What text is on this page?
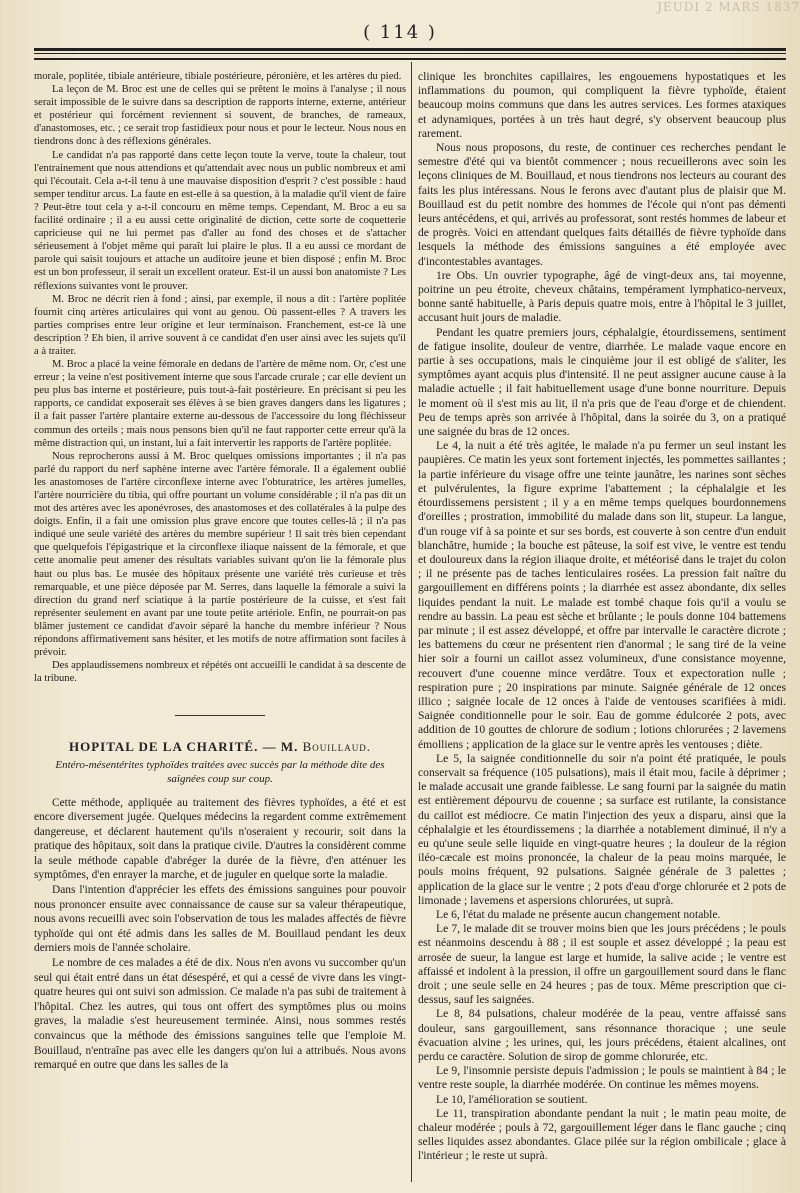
JEUDI 2 MARS 1837
( 114 )

morale, poplitée, tibiale antérieure, tibiale postérieure, péronière, et les artères du pied.

La leçon de M. Broc est une de celles qui se prêtent le moins à l'analyse ; il nous serait impossible de le suivre dans sa description de rapports interne, externe, antérieur et postérieur qui forcément reviennent si souvent, de branches, de rameaux, d'anastomoses, etc. ; ce serait trop fastidieux pour nous et pour le lecteur. Nous nous en tiendrons donc à des réflexions générales.

Le candidat n'a pas rapporté dans cette leçon toute la verve, toute la chaleur, tout l'entrainement que nous attendions et qu'attendait avec nous un public nombreux et ami qui l'écoutait. Cela a-t-il tenu à une mauvaise disposition d'esprit ? c'est possible : haud semper tenditur arcus. La faute en est-elle à sa question, à la maladie qu'il vient de faire ? Peut-être tout cela y a-t-il concouru en même temps. Cependant, M. Broc a eu sa facilité ordinaire ; il a eu aussi cette originalité de diction, cette sorte de coquetterie capricieuse qui ne lui permet pas d'aller au fond des choses et de s'attacher sérieusement à l'objet même qui paraît lui plaire le plus. Il a eu aussi ce mordant de parole qui saisit toujours et attache un auditoire jeune et bien disposé ; enfin M. Broc est un bon professeur, il serait un excellent orateur. Est-il un aussi bon anatomiste ? Les réflexions suivantes vont le prouver.

M. Broc ne décrit rien à fond ; ainsi, par exemple, il nous a dit : l'artère poplitée fournit cinq artères articulaires qui vont au genou. Où passent-elles ? A travers les parties comprises entre leur origine et leur terminaison. Franchement, est-ce là une description ? Eh bien, il arrive souvent à ce candidat d'en user ainsi avec les sujets qu'il a à traiter.

M. Broc a placé la veine fémorale en dedans de l'artère de même nom. Or, c'est une erreur ; la veine n'est positivement interne que sous l'arcade crurale ; car elle devient un peu plus bas interne et postérieure, puis tout-à-fait postérieure. En précisant si peu les rapports, ce candidat exposerait ses élèves à se bien graves dangers dans les ligatures ; il a fait passer l'artère plantaire externe au-dessous de l'accessoire du long fléchisseur commun des orteils ; mais nous pensons bien qu'il ne faut rapporter cette erreur qu'à la même distraction qui, un instant, lui a fait intervertir les rapports de l'artère poplitée.

Nous reprocherons aussi à M. Broc quelques omissions importantes ; il n'a pas parlé du rapport du nerf saphène interne avec l'artère fémorale. Il a également oublié les anastomoses de l'artère circonflexe interne avec l'obturatrice, les artères jumelles, l'artère nourricière du tibia, qui offre pourtant un volume considérable ; il n'a pas dit un mot des artères avec les aponévroses, des anastomoses et des collatérales à la pulpe des doigts. Enfin, il a fait une omission plus grave encore que toutes celles-là ; il n'a pas indiqué une seule variété des artères du membre supérieur ! Il sait très bien cependant que quelquefois l'épigastrique et la circonflexe iliaque naissent de la fémorale, et que cette anomalie peut amener des résultats variables suivant qu'on lie la fémorale plus haut ou plus bas. Le musée des hôpitaux présente une variété très curieuse et très remarquable, et une pièce déposée par M. Serres, dans laquelle la fémorale a suivi la direction du grand nerf sciatique à la partie postérieure de la cuisse, et s'est fait représenter seulement en avant par une toute petite artériole. Enfin, ne pourrait-on pas blâmer justement ce candidat d'avoir séparé la hanche du membre inférieur ? Nous répondons affirmativement sans hésiter, et les motifs de notre affirmation sont faciles à prévoir.

Des applaudissemens nombreux et répétés ont accueilli le candidat à sa descente de la tribune.

HOPITAL DE LA CHARITÉ. — M. Bouillaud.
Entéro-mésentérites typhoïdes traitées avec succès par la méthode dite des saignées coup sur coup.

Cette méthode, appliquée au traitement des fièvres typhoïdes, a été et est encore diversement jugée. Quelques médecins la regardent comme extrêmement dangereuse, et déclarent hautement qu'ils n'oseraient y recourir, soit dans la pratique des hôpitaux, soit dans la pratique civile. D'autres la considèrent comme la seule méthode capable d'abréger la durée de la fièvre, d'en atténuer les symptômes, d'en enrayer la marche, et de juguler en quelque sorte la maladie.

Dans l'intention d'apprécier les effets des émissions sanguines pour pouvoir nous prononcer ensuite avec connaissance de cause sur sa valeur thérapeutique, nous avons recueilli avec soin l'observation de tous les malades affectés de fièvre typhoïde qui ont été admis dans les salles de M. Bouillaud pendant les deux derniers mois de l'année scholaire.

Le nombre de ces malades a été de dix. Nous n'en avons vu succomber qu'un seul qui était entré dans un état désespéré, et qui a cessé de vivre dans les vingt-quatre heures qui ont suivi son admission. Ce malade n'a pas subi de traitement à l'hôpital. Chez les autres, qui tous ont offert des symptômes plus ou moins graves, la maladie s'est heureusement terminée. Ainsi, nous sommes restés convaincus que la méthode des émissions sanguines telle que l'emploie M. Bouillaud, n'entraîne pas avec elle les dangers qu'on lui a attribués. Nous avons remarqué en outre que dans les salles de la

clinique les bronchites capillaires, les engouemens hypostatiques et les inflammations du poumon, qui compliquent la fièvre typhoïde, étaient beaucoup moins communs que dans les autres services. Les formes ataxiques et adynamiques, portées à un très haut degré, s'y observent beaucoup plus rarement.

Nous nous proposons, du reste, de continuer ces recherches pendant le semestre d'été qui va bientôt commencer ; nous recueillerons avec soin les leçons cliniques de M. Bouillaud, et nous tiendrons nos lecteurs au courant des faits les plus intéressans. Nous le ferons avec d'autant plus de plaisir que M. Bouillaud est du petit nombre des hommes de l'école qui n'ont pas démenti leurs antécédens, et qui, arrivés au professorat, sont restés hommes de labeur et de progrès. Voici en attendant quelques faits détaillés de fièvre typhoïde dans lesquels la méthode des émissions sanguines a été employée avec d'incontestables avantages.

1re Obs. Un ouvrier typographe, âgé de vingt-deux ans, tai moyenne, poitrine un peu étroite, cheveux châtains, tempérament lymphatico-nerveux, bonne santé habituelle, à Paris depuis quatre mois, entre à l'hôpital le 3 juillet, accusant huit jours de maladie.

Pendant les quatre premiers jours, céphalalgie, étourdissemens, sentiment de fatigue insolite, douleur de ventre, diarrhée. Le malade vaque encore en partie à ses occupations, mais le cinquième jour il est obligé de s'aliter, les symptômes ayant acquis plus d'intensité. Il ne peut assigner aucune cause à la maladie actuelle ; il fait habituellement usage d'une bonne nourriture. Depuis le moment où il s'est mis au lit, il n'a pris que de l'eau d'orge et de chiendent. Peu de temps après son arrivée à l'hôpital, dans la soirée du 3, on a pratiqué une saignée du bras de 12 onces.

Le 4, la nuit a été très agitée, le malade n'a pu fermer un seul instant les paupières. Ce matin les yeux sont fortement injectés, les pommettes saillantes ; la partie inférieure du visage offre une teinte jaunâtre, les narines sont sèches et pulvérulentes, la figure exprime l'abattement ; la céphalalgie et les étourdissemens persistent ; il y a en même temps quelques bourdonnemens d'oreilles ; prostration, immobilité du malade dans son lit, stupeur. La langue, d'un rouge vif à sa pointe et sur ses bords, est couverte à son centre d'un enduit blanchâtre, humide ; la bouche est pâteuse, la soif est vive, le ventre est tendu et douloureux dans la région iliaque droite, et météorisé dans le trajet du colon ; il ne présente pas de taches lenticulaires rosées. La pression fait naître du gargouillement en différens points ; la diarrhée est assez abondante, dix selles liquides pendant la nuit. Le malade est tombé chaque fois qu'il a voulu se rendre au bassin. La peau est sèche et brûlante ; le pouls donne 104 battemens par minute ; il est assez développé, et offre par intervalle le caractère dicrote ; les battemens du cœur ne présentent rien d'anormal ; le sang tiré de la veine hier soir a fourni un caillot assez volumineux, d'une consistance moyenne, recouvert d'une couenne mince verdâtre. Toux et expectoration nulle ; respiration pure ; 20 inspirations par minute. Saignée générale de 12 onces illico ; saignée locale de 12 onces à l'aide de ventouses scarifiées à midi. Saignée conditionnelle pour le soir. Eau de gomme édulcorée 2 pots, avec addition de 10 gouttes de chlorure de sodium ; lotions chlorurées ; 2 lavemens émolliens ; application de la glace sur le ventre après les ventouses ; diète.

Le 5, la saignée conditionnelle du soir n'a point été pratiquée, le pouls conservait sa fréquence (105 pulsations), mais il était mou, facile à déprimer ; le malade accusait une grande faiblesse. Le sang fourni par la saignée du matin est entièrement dépourvu de couenne ; sa surface est rutilante, la consistance du caillot est médiocre. Ce matin l'injection des yeux a disparu, ainsi que la céphalalgie et les étourdissemens ; la diarrhée a notablement diminué, il n'y a eu qu'une seule selle liquide en vingt-quatre heures ; la douleur de la région iléo-cæcale est moins prononcée, la chaleur de la peau moins marquée, le pouls moins fréquent, 92 pulsations. Saignée générale de 3 palettes ; application de la glace sur le ventre ; 2 pots d'eau d'orge chlorurée et 2 pots de limonade ; lavemens et aspersions chlorurées, ut suprà.

Le 6, l'état du malade ne présente aucun changement notable.

Le 7, le malade dit se trouver moins bien que les jours précédens ; le pouls est néanmoins descendu à 88 ; il est souple et assez développé ; la peau est arrosée de sueur, la langue est large et humide, la salive acide ; le ventre est affaissé et indolent à la pression, il offre un gargouillement sourd dans le flanc droit ; une seule selle en 24 heures ; pas de toux. Même prescription que ci-dessus, sauf les saignées.

Le 8, 84 pulsations, chaleur modérée de la peau, ventre affaissé sans douleur, sans gargouillement, sans résonnance thoracique ; une seule évacuation alvine ; les urines, qui, les jours précédens, étaient alcalines, ont perdu ce caractère. Solution de sirop de gomme chlorurée, etc.

Le 9, l'insomnie persiste depuis l'admission ; le pouls se maintient à 84 ; le ventre reste souple, la diarrhée modérée. On continue les mêmes moyens.

Le 10, l'amélioration se soutient.

Le 11, transpiration abondante pendant la nuit ; le matin peau moite, de chaleur modérée ; pouls à 72, gargouillement léger dans le flanc gauche ; cinq selles liquides assez abondantes. Glace pilée sur la région ombilicale ; glace à l'intérieur ; le reste ut suprà.
